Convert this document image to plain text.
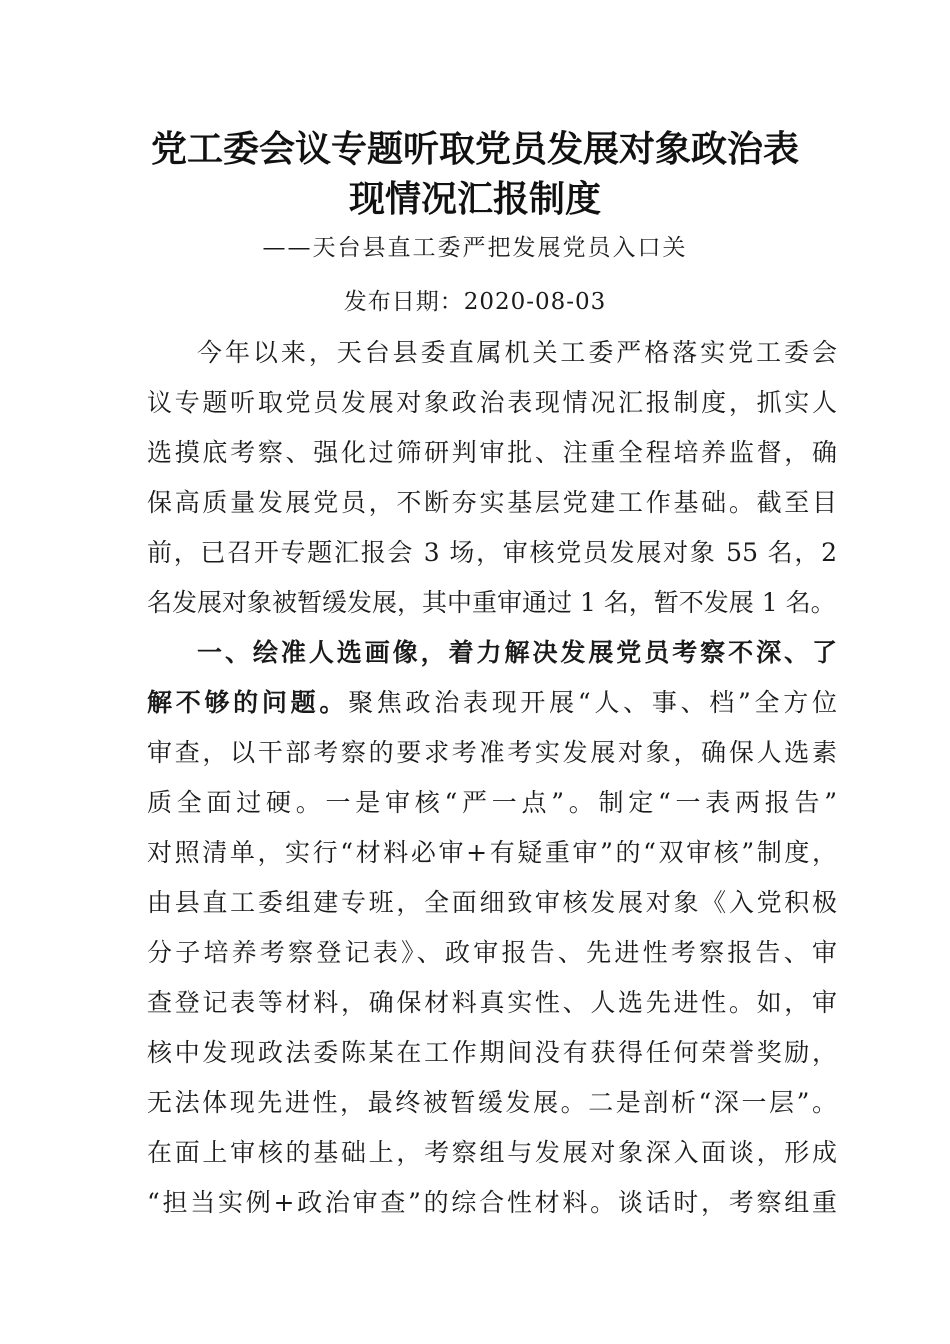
党工委会议专题听取党员发展对象政治表
现情况汇报制度
——天台县直工委严把发展党员入口关
发布日期：2020-08-03
今年以来，天台县委直属机关工委严格落实党工委会
议专题听取党员发展对象政治表现情况汇报制度，抓实人
选摸底考察、强化过筛研判审批、注重全程培养监督，确
保高质量发展党员，不断夯实基层党建工作基础。截至目
前，已召开专题汇报会 3 场，审核党员发展对象 55 名，2
名发展对象被暂缓发展，其中重审通过 1 名，暂不发展 1 名。
一、绘准人选画像，着力解决发展党员考察不深、了
解不够的问题。聚焦政治表现开展“人、事、档”全方位
审查，以干部考察的要求考准考实发展对象，确保人选素
质全面过硬。一是审核“严一点”。制定“一表两报告”
对照清单，实行“材料必审+有疑重审”的“双审核”制度，
由县直工委组建专班，全面细致审核发展对象《入党积极
分子培养考察登记表》、政审报告、先进性考察报告、审
查登记表等材料，确保材料真实性、人选先进性。如，审
核中发现政法委陈某在工作期间没有获得任何荣誉奖励，
无法体现先进性，最终被暂缓发展。二是剖析“深一层”。
在面上审核的基础上，考察组与发展对象深入面谈，形成
“担当实例+政治审查”的综合性材料。谈话时，考察组重
